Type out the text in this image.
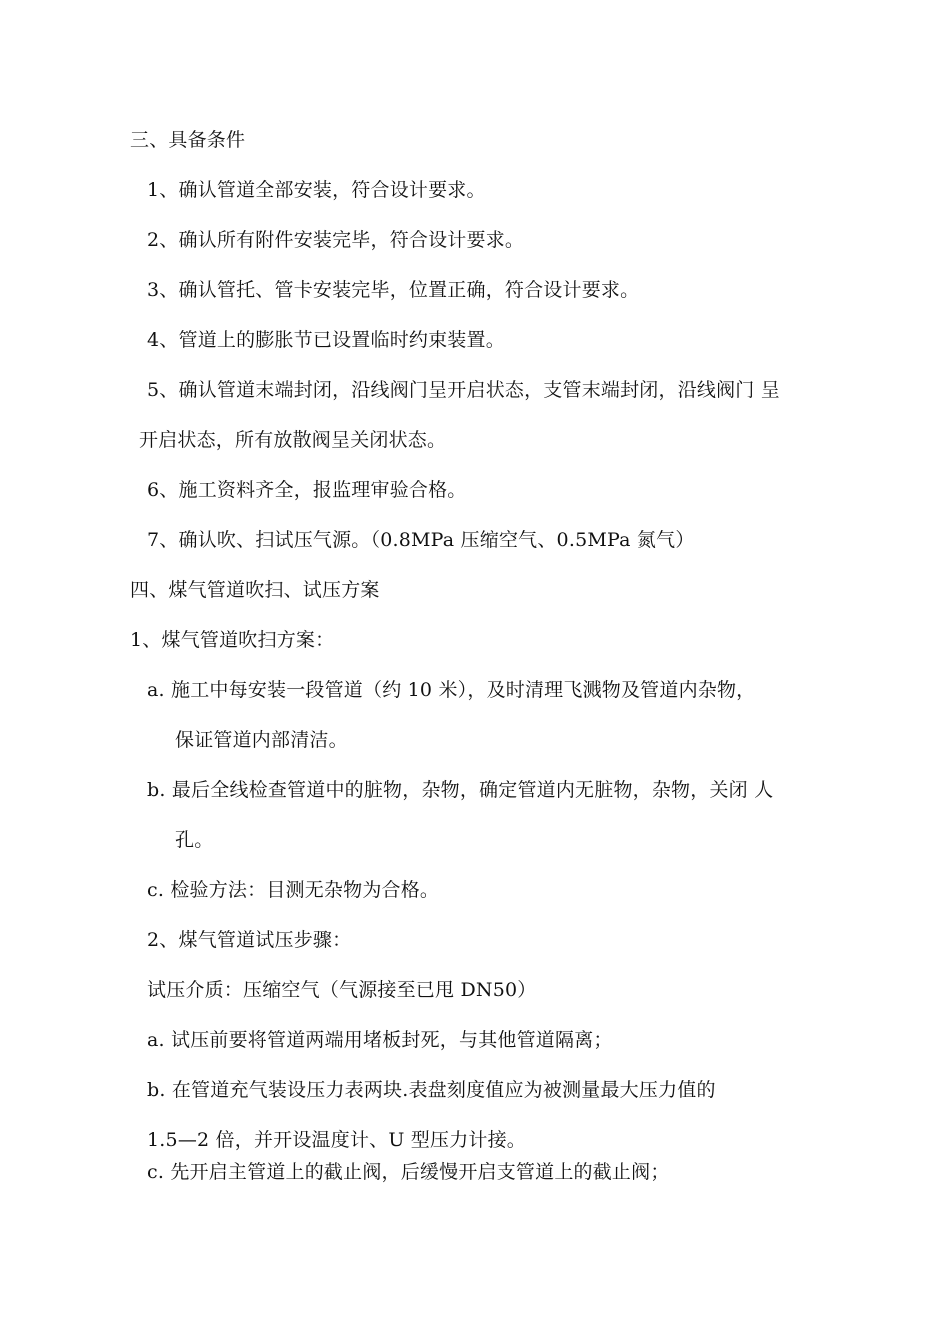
三、具备条件
1、确认管道全部安装，符合设计要求。
2、确认所有附件安装完毕，符合设计要求。
3、确认管托、管卡安装完毕，位置正确，符合设计要求。
4、管道上的膨胀节已设置临时约束装置。
5、确认管道末端封闭，沿线阀门呈开启状态，支管末端封闭，沿线阀门 呈
开启状态，所有放散阀呈关闭状态。
6、施工资料齐全，报监理审验合格。
7、确认吹、扫试压气源。（0.8MPa 压缩空气、0.5MPa 氮气）
四、煤气管道吹扫、试压方案
1、煤气管道吹扫方案：
a. 施工中每安装一段管道（约 10 米），及时清理飞溅物及管道内杂物，
保证管道内部清洁。
b. 最后全线检查管道中的脏物，杂物，确定管道内无脏物，杂物，关闭 人
孔。
c. 检验方法：目测无杂物为合格。
2、煤气管道试压步骤：
试压介质：压缩空气（气源接至已甩 DN50）
a. 试压前要将管道两端用堵板封死，与其他管道隔离；
b. 在管道充气装设压力表两块.表盘刻度值应为被测量最大压力值的
1.5—2 倍，并开设温度计、U 型压力计接。
c. 先开启主管道上的截止阀，后缓慢开启支管道上的截止阀；
